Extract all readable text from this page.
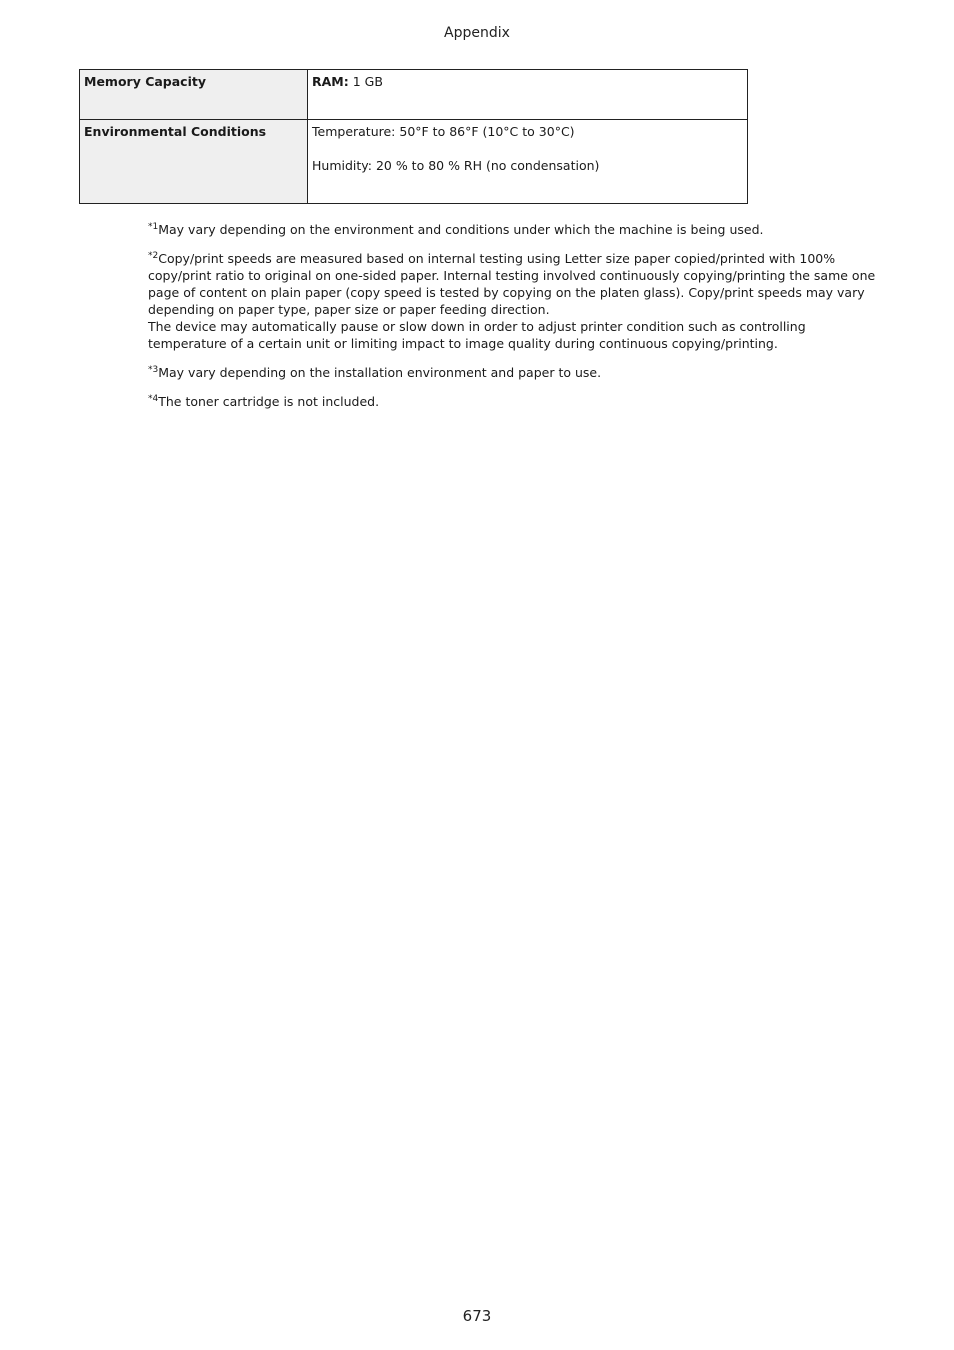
Appendix
Memory Capacity	RAM: 1 GB
Environmental Conditions	Temperature: 50°F to 86°F (10°C to 30°C)

Humidity: 20 % to 80 % RH (no condensation)

$^{*1}$May vary depending on the environment and conditions under which the machine is being used.
$^{*2}$Copy/print speeds are measured based on internal testing using Letter size paper copied/printed with 100% copy/print ratio to original on one-sided paper. Internal testing involved continuously copying/printing the same one page of content on plain paper (copy speed is tested by copying on the platen glass). Copy/print speeds may vary depending on paper type, paper size or paper feeding direction.

The device may automatically pause or slow down in order to adjust printer condition such as controlling temperature of a certain unit or limiting impact to image quality during continuous copying/printing.

$^{*3}$May vary depending on the installation environment and paper to use.
$^{*4}$The toner cartridge is not included.
673
